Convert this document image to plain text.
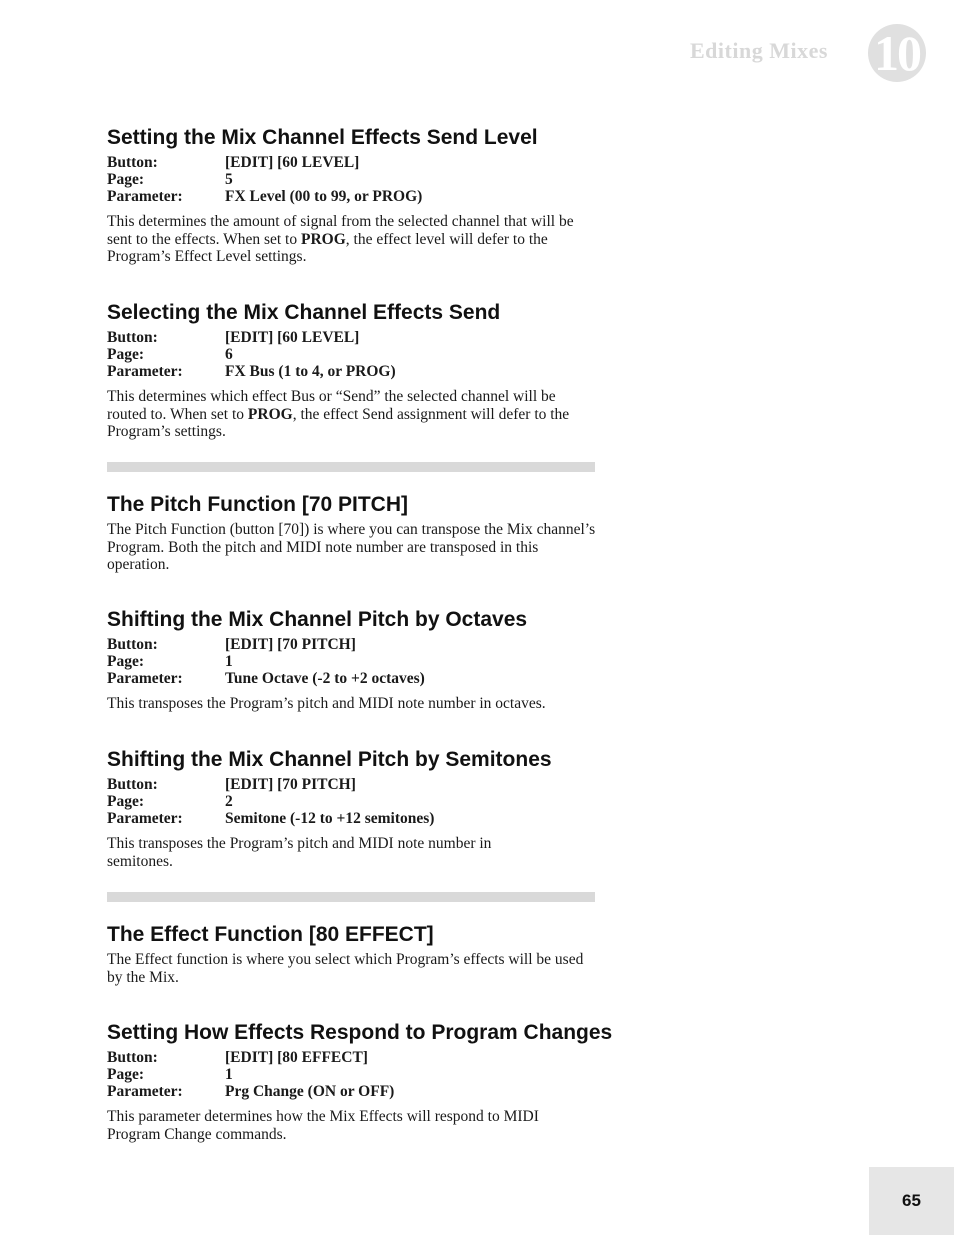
Editing Mixes 10
Setting the Mix Channel Effects Send Level
Button:	[EDIT] [60 LEVEL]
Page:	5
Parameter:	FX Level (00 to 99, or PROG)

This determines the amount of signal from the selected channel that will be sent to the effects. When set to PROG, the effect level will defer to the Program’s Effect Level settings.

Selecting the Mix Channel Effects Send
Button:	[EDIT] [60 LEVEL]
Page:	6
Parameter:	FX Bus (1 to 4, or PROG)

This determines which effect Bus or “Send” the selected channel will be routed to. When set to PROG, the effect Send assignment will defer to the Program’s settings.

The Pitch Function [70 PITCH]

The Pitch Function (button [70]) is where you can transpose the Mix channel’s Program. Both the pitch and MIDI note number are transposed in this operation.

Shifting the Mix Channel Pitch by Octaves
Button:	[EDIT] [70 PITCH]
Page:	1
Parameter:	Tune Octave (-2 to +2 octaves)

This transposes the Program’s pitch and MIDI note number in octaves.

Shifting the Mix Channel Pitch by Semitones
Button:	[EDIT] [70 PITCH]
Page:	2
Parameter:	Semitone (-12 to +12 semitones)

This transposes the Program’s pitch and MIDI note number in semitones.

The Effect Function [80 EFFECT]

The Effect function is where you select which Program’s effects will be used by the Mix.

Setting How Effects Respond to Program Changes
Button:	[EDIT] [80 EFFECT]
Page:	1
Parameter:	Prg Change (ON or OFF)

This parameter determines how the Mix Effects will respond to MIDI Program Change commands.

65
